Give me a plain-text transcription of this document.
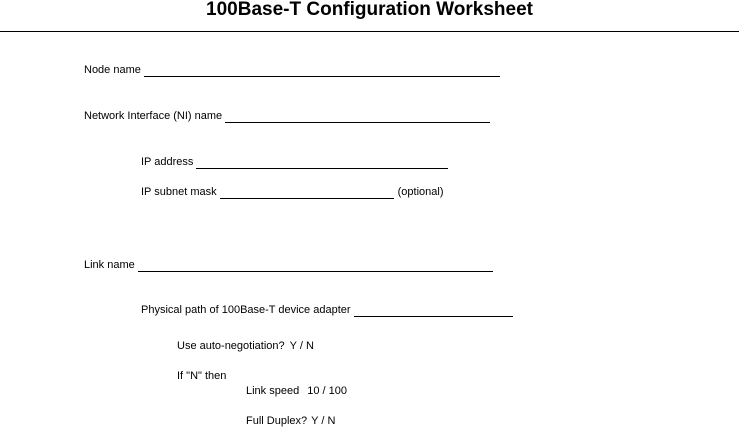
100Base-T Configuration Worksheet
Node name
Network Interface (NI) name
IP address
IP subnet mask	(optional)
Link name
Physical path of 100Base-T device adapter
Use auto-negotiation? Y / N
If "N" then
Link speed 10 / 100
Full Duplex? Y / N
